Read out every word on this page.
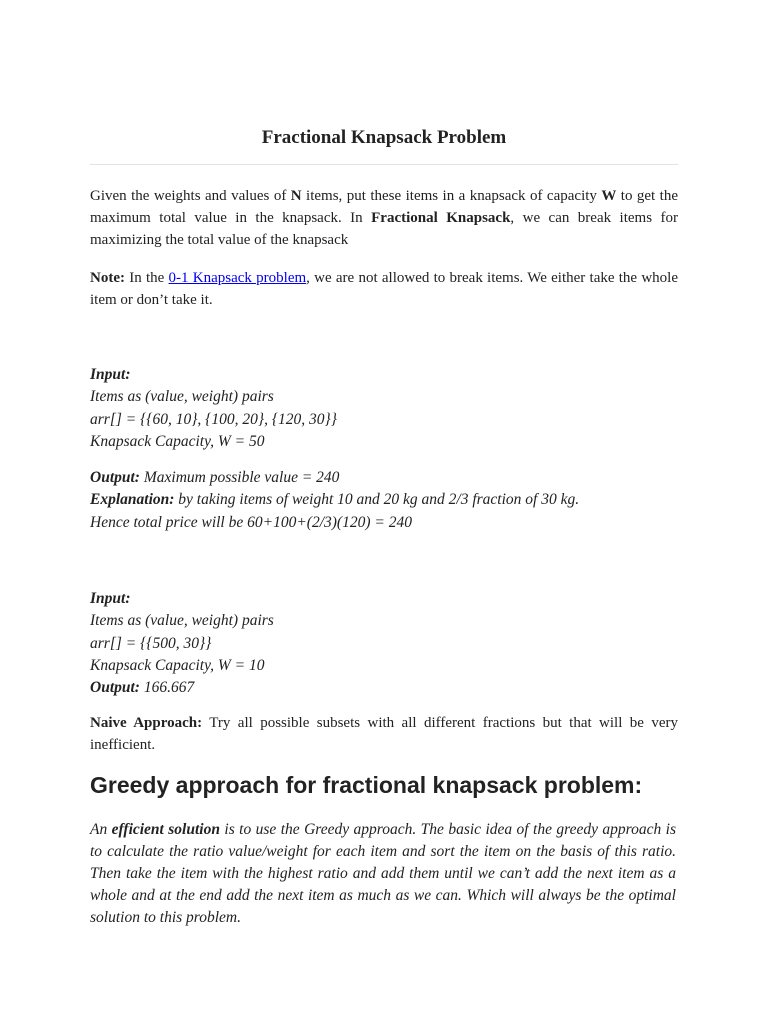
Fractional Knapsack Problem

Given the weights and values of N items, put these items in a knapsack of capacity W to get the maximum total value in the knapsack. In Fractional Knapsack, we can break items for maximizing the total value of the knapsack

Note: In the 0-1 Knapsack problem, we are not allowed to break items. We either take the whole item or don’t take it.

Input:
Items as (value, weight) pairs
arr[] = {{60, 10}, {100, 20}, {120, 30}}
Knapsack Capacity, W = 50
Output: Maximum possible value = 240
Explanation: by taking items of weight 10 and 20 kg and 2/3 fraction of 30 kg.
Hence total price will be 60+100+(2/3)(120) = 240
Input:
Items as (value, weight) pairs
arr[] = {{500, 30}}
Knapsack Capacity, W = 10
Output: 166.667

Naive Approach: Try all possible subsets with all different fractions but that will be very inefficient.

Greedy approach for fractional knapsack problem:

An efficient solution is to use the Greedy approach. The basic idea of the greedy approach is to calculate the ratio value/weight for each item and sort the item on the basis of this ratio. Then take the item with the highest ratio and add them until we can’t add the next item as a whole and at the end add the next item as much as we can. Which will always be the optimal solution to this problem.
